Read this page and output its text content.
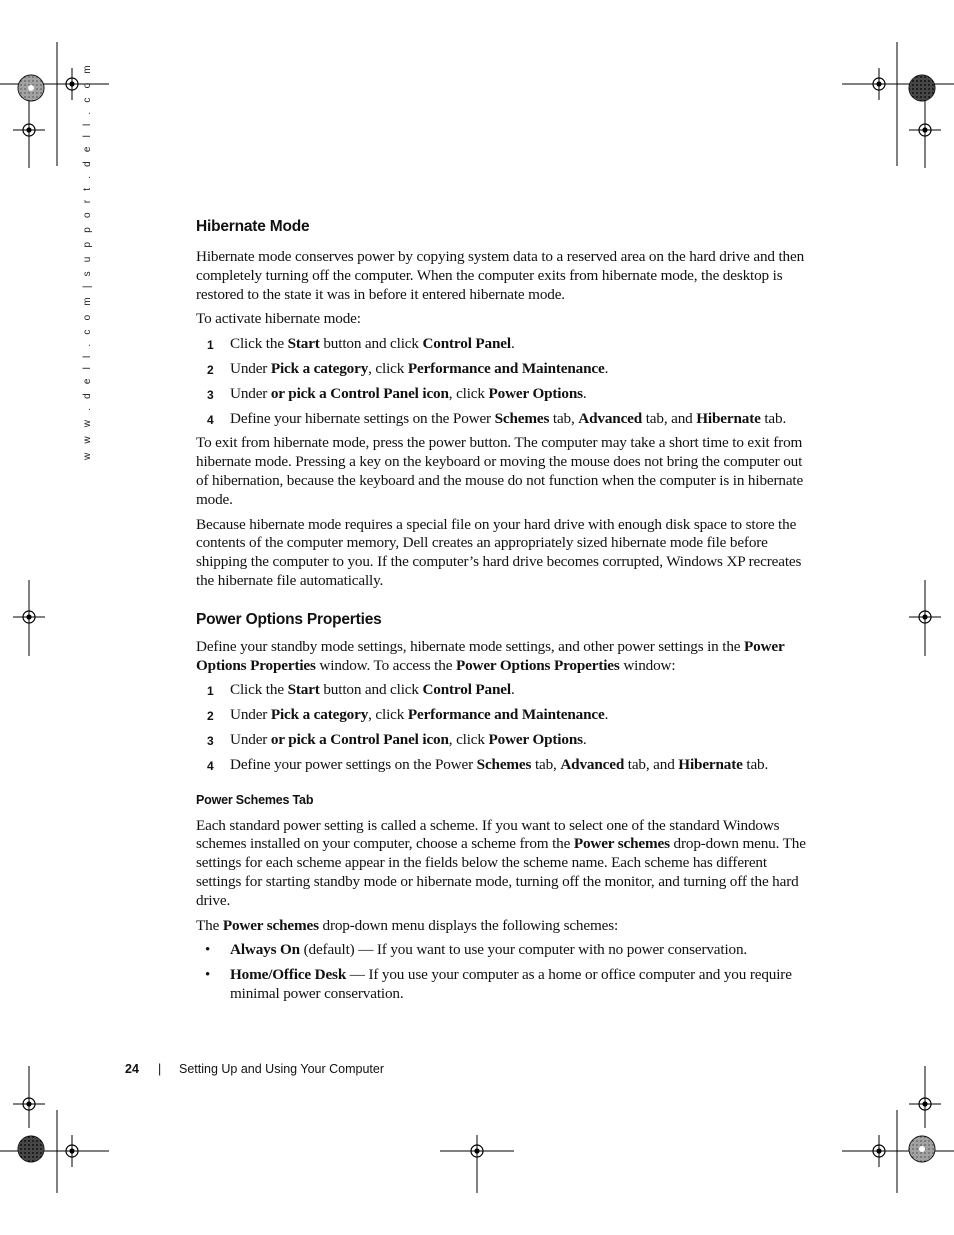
w w w . d e l l . c o m | s u p p o r t . d e l l . c o m	Hibernate Mode

Hibernate mode conserves power by copying system data to a reserved area on the hard drive and then completely turning off the computer. When the computer exits from hibernate mode, the desktop is restored to the state it was in before it entered hibernate mode.

To activate hibernate mode:

1 Click the Start button and click Control Panel.
2 Under Pick a category, click Performance and Maintenance.
3 Under or pick a Control Panel icon, click Power Options.
4 Define your hibernate settings on the Power Schemes tab, Advanced tab, and Hibernate tab.

To exit from hibernate mode, press the power button. The computer may take a short time to exit from hibernate mode. Pressing a key on the keyboard or moving the mouse does not bring the computer out of hibernation, because the keyboard and the mouse do not function when the computer is in hibernate mode.

Because hibernate mode requires a special file on your hard drive with enough disk space to store the contents of the computer memory, Dell creates an appropriately sized hibernate mode file before shipping the computer to you. If the computer’s hard drive becomes corrupted, Windows XP recreates the hibernate file automatically.

Power Options Properties

Define your standby mode settings, hibernate mode settings, and other power settings in the Power Options Properties window. To access the Power Options Properties window:

1 Click the Start button and click Control Panel.
2 Under Pick a category, click Performance and Maintenance.
3 Under or pick a Control Panel icon, click Power Options.
4 Define your power settings on the Power Schemes tab, Advanced tab, and Hibernate tab.
Power Schemes Tab

Each standard power setting is called a scheme. If you want to select one of the standard Windows schemes installed on your computer, choose a scheme from the Power schemes drop-down menu. The settings for each scheme appear in the fields below the scheme name. Each scheme has different settings for starting standby mode or hibernate mode, turning off the monitor, and turning off the hard drive.

The Power schemes drop-down menu displays the following schemes:

• Always On (default) — If you want to use your computer with no power conservation.
• Home/Office Desk — If you use your computer as a home or office computer and you require minimal power conservation.
24 | Setting Up and Using Your Computer
